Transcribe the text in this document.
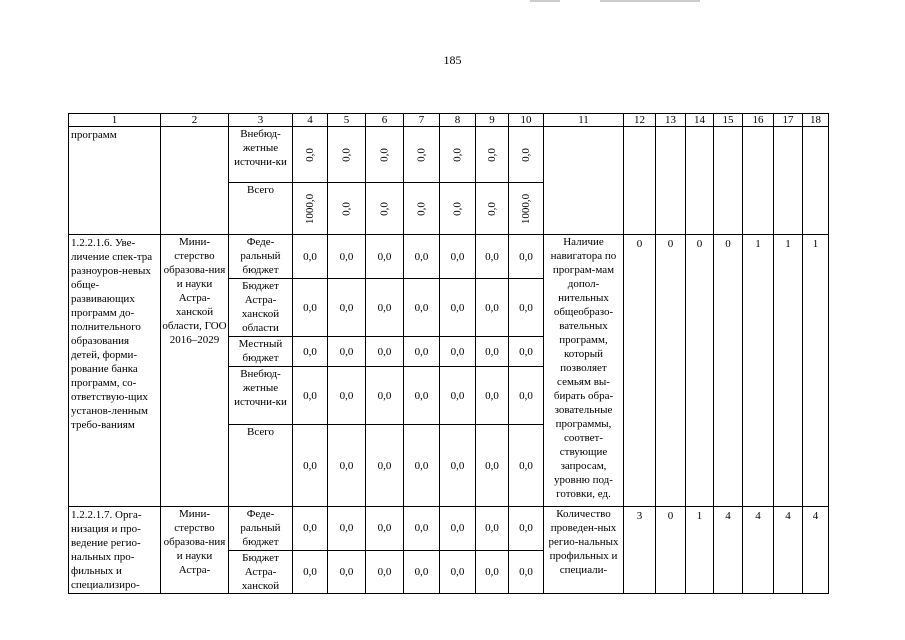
185
1	2	3	4	5	6	7	8	9	10	11	12	13	14	15	16	17	18
программ		Внебюд-жетные источни-ки	0,0	0,0	0,0	0,0	0,0	0,0	0,0								

		Всего	1000,0	0,0	0,0	0,0	0,0	0,0	1000,0								

1.2.2.1.6. Уве-личение спек-тра разноуров-невых обще-развивающих программ до-полнительного образования детей, форми-рование банка программ, со-ответствую-щих установ-ленным требо-ваниям	Мини-стерство образова-ния и науки Астра-ханской области, ГОО 2016–2029	Феде-ральный бюджет	0,0	0,0	0,0	0,0	0,0	0,0	0,0	Наличие навигатора по програм-мам допол-нительных общеобразо-вательных программ, который позволяет семьям вы-бирать обра-зовательные программы, соответ-ствующие запросам, уровню под-готовки, ед.	0	0	0	0	1	1	1
		Бюджет Астра-ханской области	0,0	0,0	0,0	0,0	0,0	0,0	0,0								
		Местный бюджет	0,0	0,0	0,0	0,0	0,0	0,0	0,0								
		Внебюд-жетные источни-ки	0,0	0,0	0,0	0,0	0,0	0,0	0,0								
		Всего	0,0	0,0	0,0	0,0	0,0	0,0	0,0								
1.2.2.1.7. Орга-низация и про-ведение регио-нальных про-фильных и специализиро-	Мини-стерство образова-ния и науки Астра-	Феде-ральный бюджет	0,0	0,0	0,0	0,0	0,0	0,0	0,0	Количество проведен-ных регио-нальных профильных и специали-	3	0	1	4	4	4	4
		Бюджет Астра-ханской	0,0	0,0	0,0	0,0	0,0	0,0	0,0								
